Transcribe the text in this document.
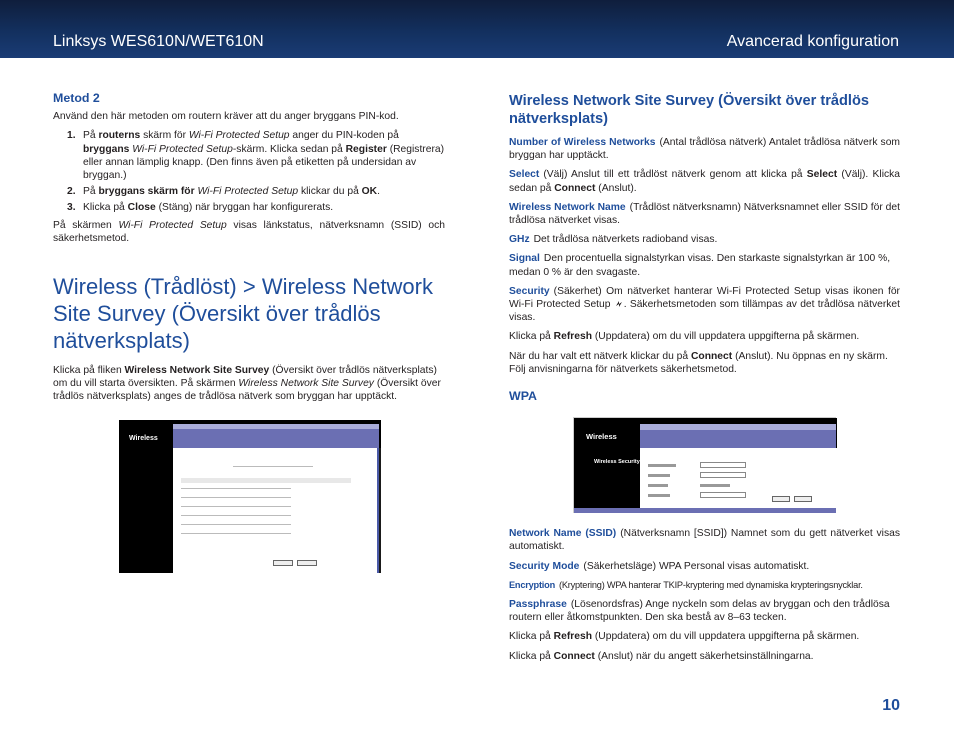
Linksys WES610N/WET610N	Avancerad konfiguration
Metod 2

Använd den här metoden om routern kräver att du anger bryggans PIN-kod.

1. På routerns skärm för Wi-Fi Protected Setup anger du PIN-koden på bryggans Wi-Fi Protected Setup-skärm. Klicka sedan på Register (Registrera) eller annan lämplig knapp. (Den finns även på etiketten på undersidan av bryggan.)
2. På bryggans skärm för Wi-Fi Protected Setup klickar du på OK.
3. Klicka på Close (Stäng) när bryggan har konfigurerats.

På skärmen Wi-Fi Protected Setup visas länkstatus, nätverksnamn (SSID) och säkerhetsmetod.

Wireless (Trådlöst) > Wireless Network Site Survey (Översikt över trådlös nätverksplats)

Klicka på fliken Wireless Network Site Survey (Översikt över trådlös nätverksplats) om du vill starta översikten. På skärmen Wireless Network Site Survey (Översikt över trådlös nätverksplats) anges de trådlösa nätverk som bryggan har upptäckt.

Wireless
Wireless Network Site Survey (Översikt över trådlös nätverksplats)

Number of Wireless Networks (Antal trådlösa nätverk) Antalet trådlösa nätverk som bryggan har upptäckt.

Select (Välj) Anslut till ett trådlöst nätverk genom att klicka på Select (Välj). Klicka sedan på Connect (Anslut).

Wireless Network Name (Trådlöst nätverksnamn) Nätverksnamnet eller SSID för det trådlösa nätverket visas.

GHz Det trådlösa nätverkets radioband visas.

Signal Den procentuella signalstyrkan visas. Den starkaste signalstyrkan är 100 %, medan 0 % är den svagaste.

Security (Säkerhet) Om nätverket hanterar Wi-Fi Protected Setup visas ikonen för Wi-Fi Protected Setup . Säkerhetsmetoden som tillämpas av det trådlösa nätverket visas.

Klicka på Refresh (Uppdatera) om du vill uppdatera uppgifterna på skärmen.

När du har valt ett nätverk klickar du på Connect (Anslut). Nu öppnas en ny skärm. Följ anvisningarna för nätverkets säkerhetsmetod.

WPA
Wireless
Wireless Security

Network Name (SSID) (Nätverksnamn [SSID]) Namnet som du gett nätverket visas automatiskt.

Security Mode (Säkerhetsläge) WPA Personal visas automatiskt.

Encryption (Kryptering) WPA hanterar TKIP-kryptering med dynamiska krypteringsnycklar.

Passphrase (Lösenordsfras) Ange nyckeln som delas av bryggan och den trådlösa routern eller åtkomstpunkten. Den ska bestå av 8–63 tecken.

Klicka på Refresh (Uppdatera) om du vill uppdatera uppgifterna på skärmen.

Klicka på Connect (Anslut) när du angett säkerhetsinställningarna.

10
